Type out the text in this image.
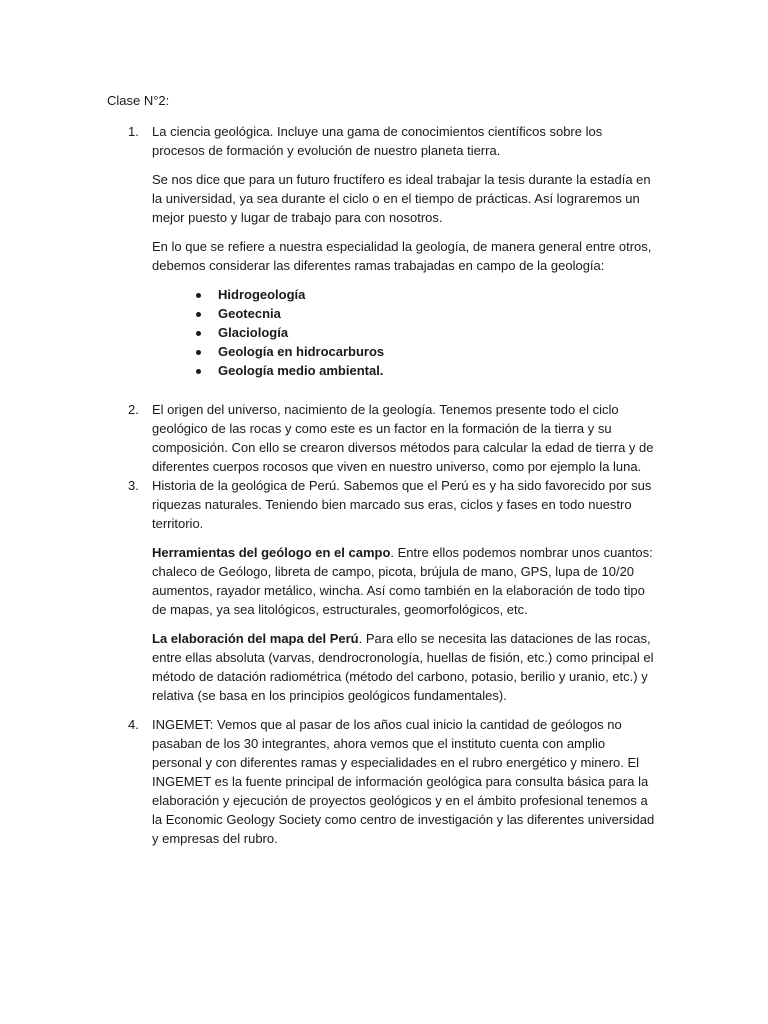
Clase N°2:
1. La ciencia geológica. Incluye una gama de conocimientos científicos sobre los procesos de formación y evolución de nuestro planeta tierra.

Se nos dice que para un futuro fructífero es ideal trabajar la tesis durante la estadía en la universidad, ya sea durante el ciclo o en el tiempo de prácticas. Así lograremos un mejor puesto y lugar de trabajo para con nosotros.

En lo que se refiere a nuestra especialidad la geología, de manera general entre otros, debemos considerar las diferentes ramas trabajadas en campo de la geología:

Hidrogeología
Geotecnia
Glaciología
Geología en hidrocarburos
Geología medio ambiental.
2. El origen del universo, nacimiento de la geología. Tenemos presente todo el ciclo geológico de las rocas y como este es un factor en la formación de la tierra y su composición. Con ello se crearon diversos métodos para calcular la edad de tierra y de diferentes cuerpos rocosos que viven en nuestro universo, como por ejemplo la luna.

3. Historia de la geológica de Perú. Sabemos que el Perú es y ha sido favorecido por sus riquezas naturales. Teniendo bien marcado sus eras, ciclos y fases en todo nuestro territorio.

Herramientas del geólogo en el campo. Entre ellos podemos nombrar unos cuantos: chaleco de Geólogo, libreta de campo, picota, brújula de mano, GPS, lupa de 10/20 aumentos, rayador metálico, wincha. Así como también en la elaboración de todo tipo de mapas, ya sea litológicos, estructurales, geomorfológicos, etc.

La elaboración del mapa del Perú. Para ello se necesita las dataciones de las rocas, entre ellas absoluta (varvas, dendrocronología, huellas de fisión, etc.) como principal el método de datación radiométrica (método del carbono, potasio, berilio y uranio, etc.) y relativa (se basa en los principios geológicos fundamentales).

4. INGEMET: Vemos que al pasar de los años cual inicio la cantidad de geólogos no pasaban de los 30 integrantes, ahora vemos que el instituto cuenta con amplio personal y con diferentes ramas y especialidades en el rubro energético y minero. El INGEMET es la fuente principal de información geológica para consulta básica para la elaboración y ejecución de proyectos geológicos y en el ámbito profesional tenemos a la Economic Geology Society como centro de investigación y las diferentes universidad y empresas del rubro.
